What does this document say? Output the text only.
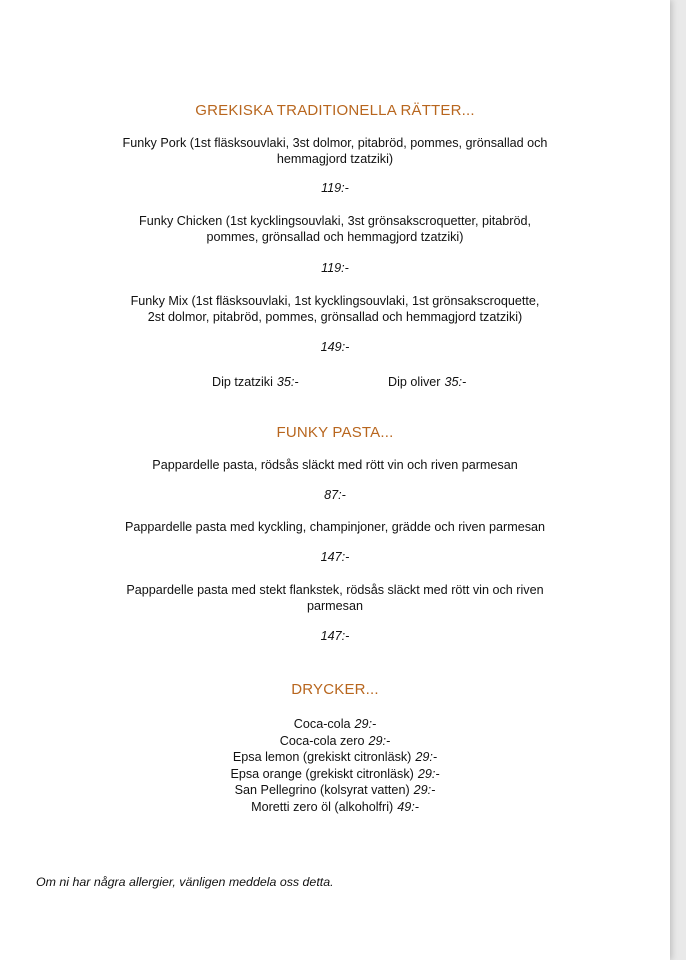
GREKISKA TRADITIONELLA RÄTTER...
Funky Pork (1st fläsksouvlaki, 3st dolmor, pitabröd, pommes, grönsallad och
hemmagjord tzatziki)
119:-
Funky Chicken (1st kycklingsouvlaki, 3st grönsakscroquetter, pitabröd,
pommes, grönsallad och hemmagjord tzatziki)
119:-
Funky Mix (1st fläsksouvlaki, 1st kycklingsouvlaki, 1st grönsakscroquette,
2st dolmor, pitabröd, pommes, grönsallad och hemmagjord tzatziki)
149:-
Dip tzatziki 35:-	Dip oliver 35:-
FUNKY PASTA...
Pappardelle pasta, rödsås släckt med rött vin och riven parmesan
87:-
Pappardelle pasta med kyckling, champinjoner, grädde och riven parmesan
147:-
Pappardelle pasta med stekt flankstek, rödsås släckt med rött vin och riven
parmesan
147:-
DRYCKER...
Coca-cola 29:-
Coca-cola zero 29:-
Epsa lemon (grekiskt citronläsk) 29:-
Epsa orange (grekiskt citronläsk) 29:-
San Pellegrino (kolsyrat vatten) 29:-
Moretti zero öl (alkoholfri) 49:-
Om ni har några allergier, vänligen meddela oss detta.
